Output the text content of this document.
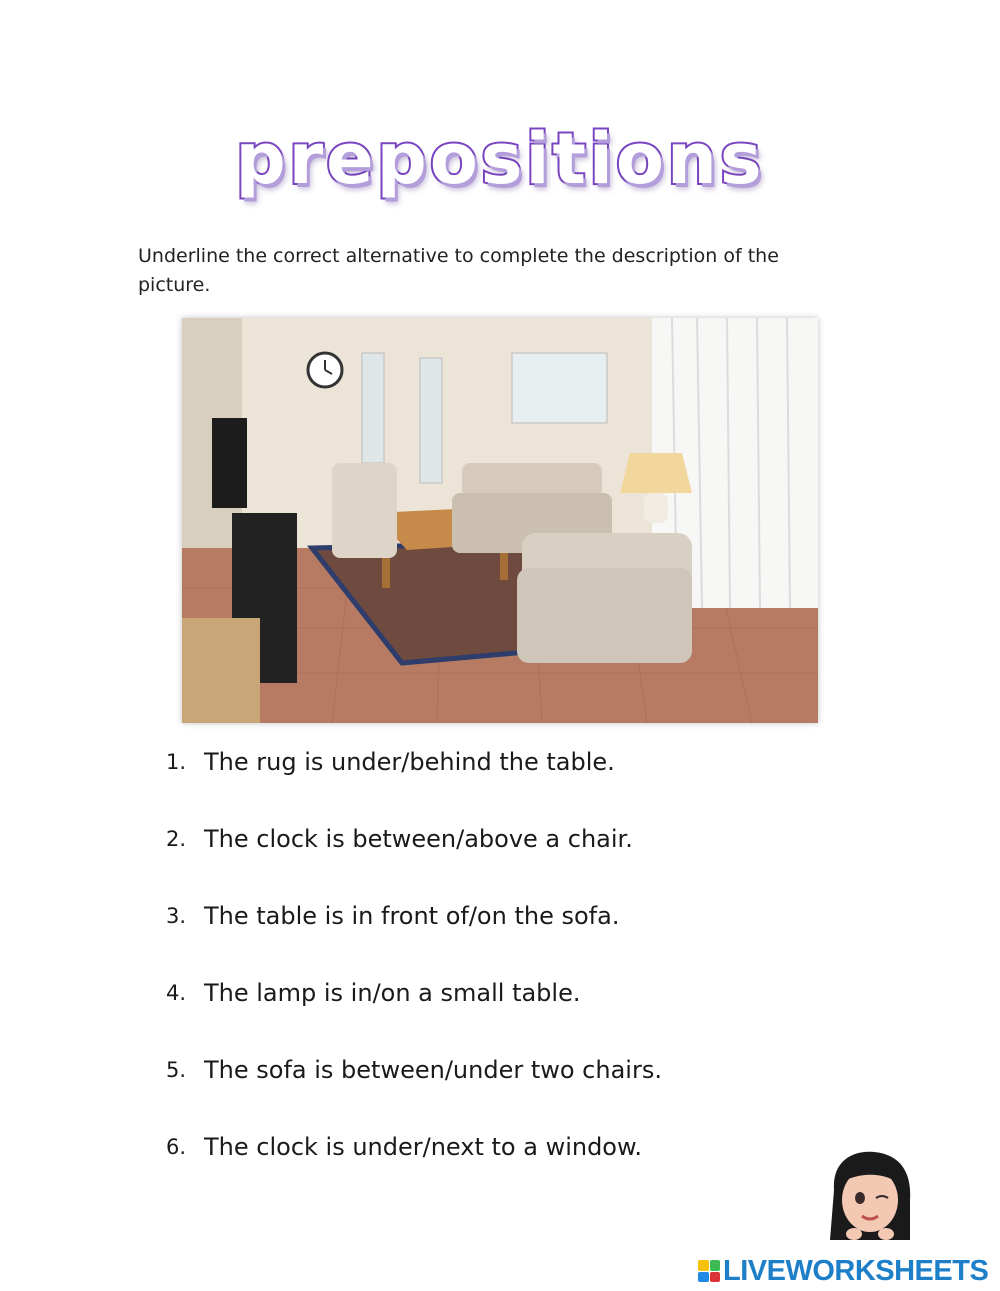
prepositions
Underline the correct alternative to complete the description of the picture.
1. The rug is under/behind the table.
2. The clock is between/above a chair.
3. The table is in front of/on the sofa.
4. The lamp is in/on a small table.
5. The sofa is between/under two chairs.
6. The clock is under/next to a window.
LIVEWORKSHEETS
